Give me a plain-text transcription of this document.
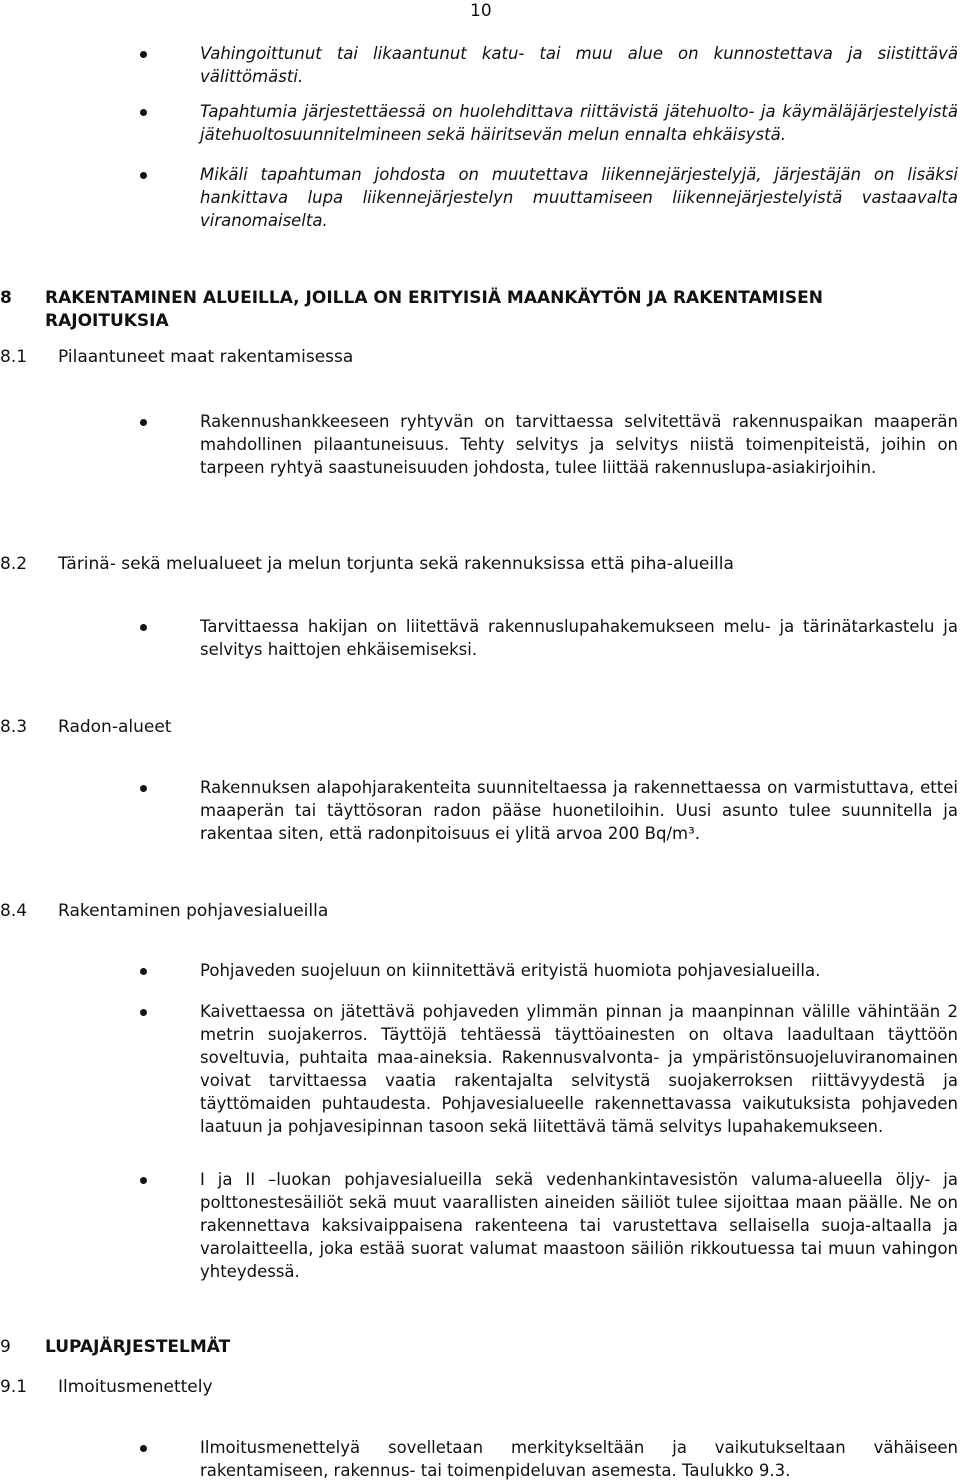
10
Vahingoittunut tai likaantunut katu- tai muu alue on kunnostettava ja siistittävä välittömästi.
Tapahtumia järjestettäessä on huolehdittava riittävistä jätehuolto- ja käymäläjärjestelyistä jätehuoltosuunnitelmineen sekä häiritsevän melun ennalta ehkäisystä.
Mikäli tapahtuman johdosta on muutettava liikennejärjestelyjä, järjestäjän on lisäksi hankittava lupa liikennejärjestelyn muuttamiseen liikennejärjestelyistä vastaavalta viranomaiselta.
8	RAKENTAMINEN ALUEILLA, JOILLA ON ERITYISIÄ MAANKÄYTÖN JA RAKENTAMISEN RAJOITUKSIA
8.1 Pilaantuneet maat rakentamisessa
Rakennushankkeeseen ryhtyvän on tarvittaessa selvitettävä rakennuspaikan maaperän mahdollinen pilaantuneisuus. Tehty selvitys ja selvitys niistä toimenpiteistä, joihin on tarpeen ryhtyä saastuneisuuden johdosta, tulee liittää rakennuslupa-asiakirjoihin.
8.2 Tärinä- sekä melualueet ja melun torjunta sekä rakennuksissa että piha-alueilla
Tarvittaessa hakijan on liitettävä rakennuslupahakemukseen melu- ja tärinätarkastelu ja selvitys haittojen ehkäisemiseksi.
8.3 Radon-alueet
Rakennuksen alapohjarakenteita suunniteltaessa ja rakennettaessa on varmistuttava, ettei maaperän tai täyttösoran radon pääse huonetiloihin. Uusi asunto tulee suunnitella ja rakentaa siten, että radonpitoisuus ei ylitä arvoa 200 Bq/m³.
8.4 Rakentaminen pohjavesialueilla
Pohjaveden suojeluun on kiinnitettävä erityistä huomiota pohjavesialueilla.
Kaivettaessa on jätettävä pohjaveden ylimmän pinnan ja maanpinnan välille vähintään 2 metrin suojakerros. Täyttöjä tehtäessä täyttöainesten on oltava laadultaan täyttöön soveltuvia, puhtaita maa-aineksia. Rakennusvalvonta- ja ympäristönsuojeluviranomainen voivat tarvittaessa vaatia rakentajalta selvitystä suojakerroksen riittävyydestä ja täyttömaiden puhtaudesta. Pohjavesialueelle rakennettavassa vaikutuksista pohjaveden laatuun ja pohjavesipinnan tasoon sekä liitettävä tämä selvitys lupahakemukseen.
I ja II –luokan pohjavesialueilla sekä vedenhankintavesistön valuma-alueella öljy- ja polttonestesäiliöt sekä muut vaarallisten aineiden säiliöt tulee sijoittaa maan päälle. Ne on rakennettava kaksivaippaisena rakenteena tai varustettava sellaisella suoja-altaalla ja varolaitteella, joka estää suorat valumat maastoon säiliön rikkoutuessa tai muun vahingon yhteydessä.
9 LUPAJÄRJESTELMÄT
9.1 Ilmoitusmenettely
Ilmoitusmenettelyä sovelletaan merkitykseltään ja vaikutukseltaan vähäiseen rakentamiseen, rakennus- tai toimenpideluvan asemesta. Taulukko 9.3.
